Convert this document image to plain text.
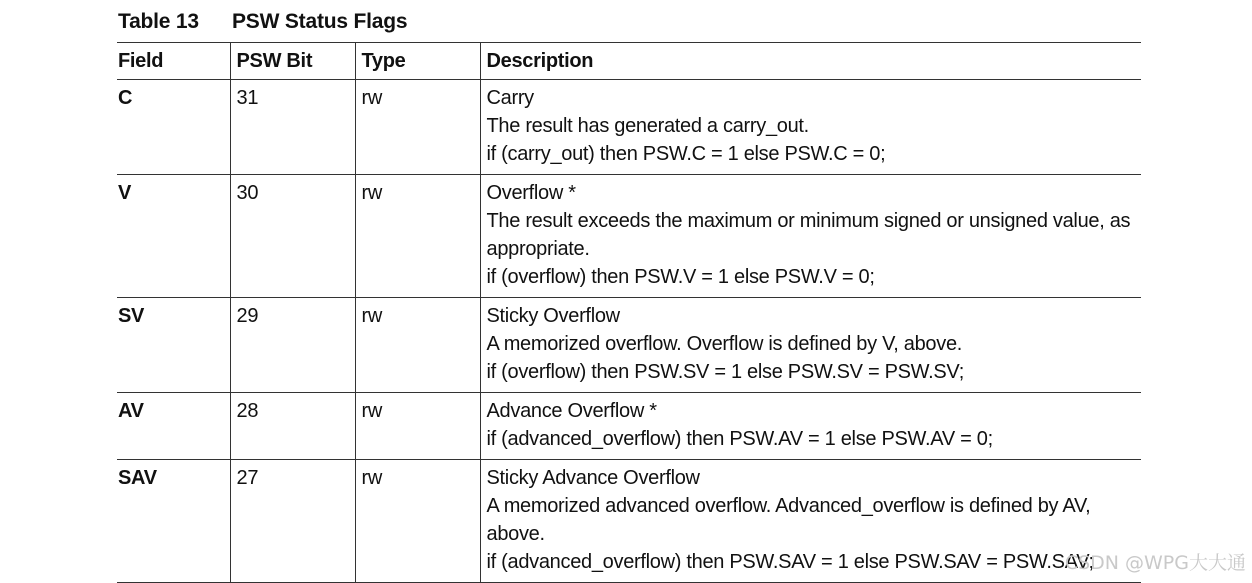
Table 13 PSW Status Flags
Field	PSW Bit	Type	Description
C	31	rw	Carry
The result has generated a carry_out.
if (carry_out) then PSW.C = 1 else PSW.C = 0;

V	30	rw	Overflow *
The result exceeds the maximum or minimum signed or unsigned value, as appropriate.
if (overflow) then PSW.V = 1 else PSW.V = 0;

SV	29	rw	Sticky Overflow
A memorized overflow. Overflow is defined by V, above.
if (overflow) then PSW.SV = 1 else PSW.SV = PSW.SV;

AV	28	rw	Advance Overflow *
if (advanced_overflow) then PSW.AV = 1 else PSW.AV = 0;

SAV	27	rw	Sticky Advance Overflow
A memorized advanced overflow. Advanced_overflow is defined by AV, above.
if (advanced_overflow) then PSW.SAV = 1 else PSW.SAV = PSW.SAV;
CSDN @WPG大大通
